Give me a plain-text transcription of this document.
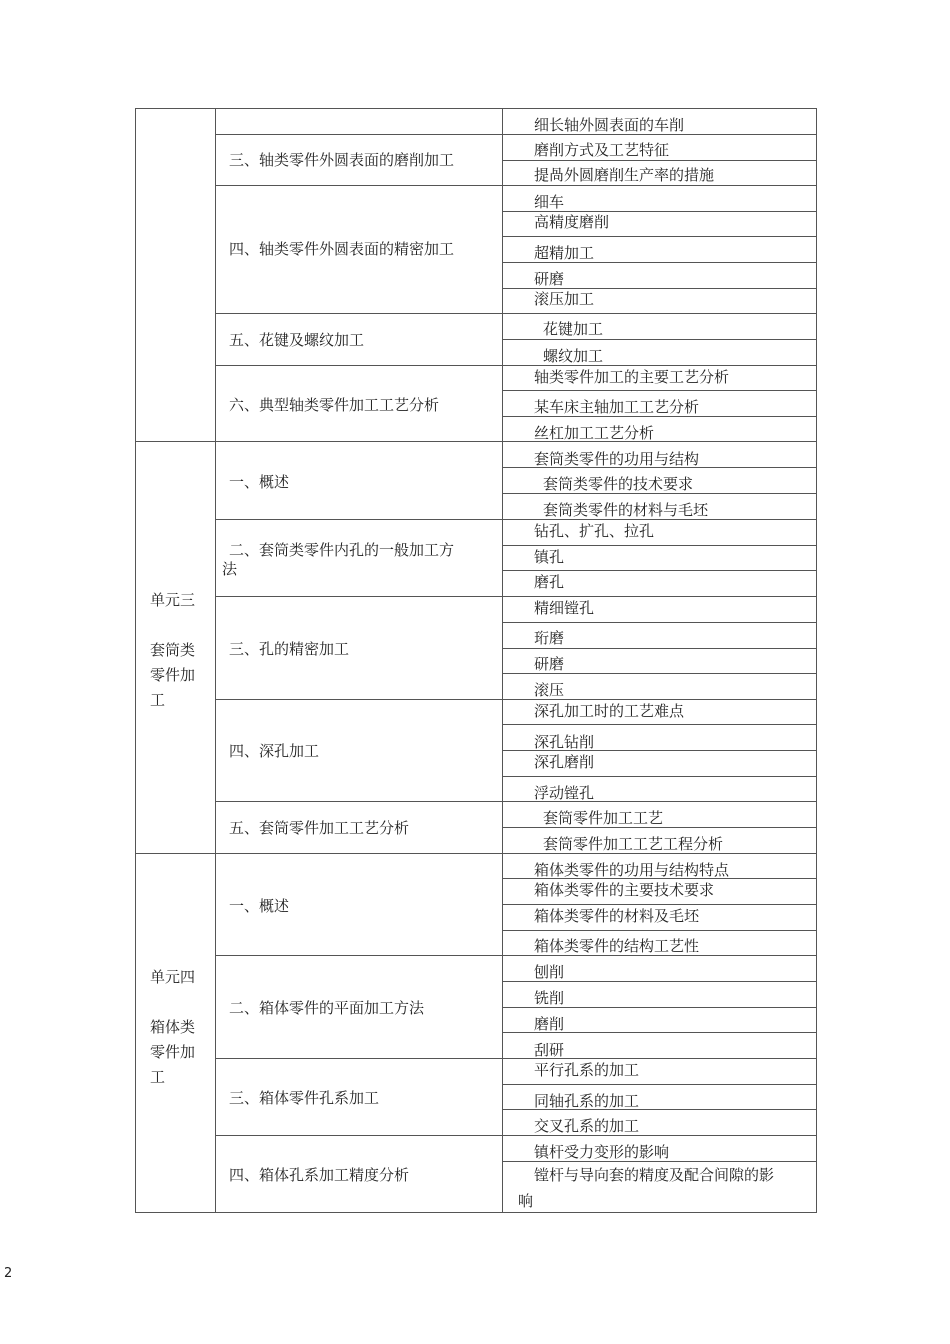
细长轴外圆表面的车削
三、轴类零件外圆表面的磨削加工
磨削方式及工艺特征
提咼外圆磨削生产率的措施
四、轴类零件外圆表面的精密加工
细车
高精度磨削
超精加工
研磨
滚压加工
五、花键及螺纹加工
花键加工
螺纹加工
六、典型轴类零件加工工艺分析
轴类零件加工的主要工艺分析
某车床主轴加工工艺分析
丝杠加工工艺分析
单元三
套筒类
零件加
工
一、概述
套筒类零件的功用与结构
套筒类零件的技术要求
套筒类零件的材料与毛坯
二、套筒类零件内孔的一般加工方
法
钻孔、扩孔、拉孔
镇孔
磨孔
三、孔的精密加工
精细镗孔
珩磨
研磨
滚压
四、深孔加工
深孔加工时的工艺难点
深孔钻削
深孔磨削
浮动镗孔
五、套筒零件加工工艺分析
套筒零件加工工艺
套筒零件加工工艺工程分析
单元四
箱体类
零件加
工
一、概述
箱体类零件的功用与结构特点
箱体类零件的主要技术要求
箱体类零件的材料及毛坯
箱体类零件的结构工艺性
二、箱体零件的平面加工方法
刨削
铣削
磨削
刮研
三、箱体零件孔系加工
平行孔系的加工
同轴孔系的加工
交叉孔系的加工
四、箱体孔系加工精度分析
镇杆受力变形的影响
镗杆与导向套的精度及配合间隙的影
响
2
